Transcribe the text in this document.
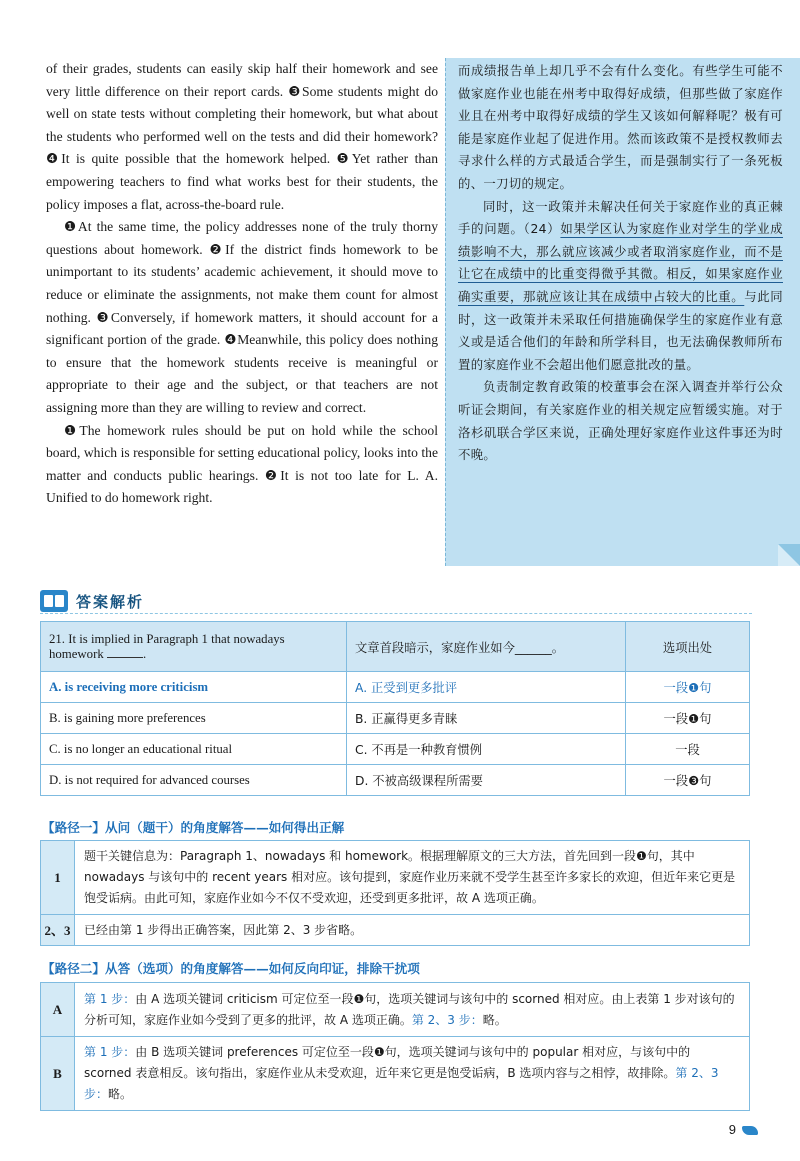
of their grades, students can easily skip half their homework and see very little difference on their report cards. ❸Some students might do well on state tests without completing their homework, but what about the students who performed well on the tests and did their homework? ❹It is quite possible that the homework helped. ❺Yet rather than empowering teachers to find what works best for their students, the policy imposes a flat, across-the-board rule.

❶At the same time, the policy addresses none of the truly thorny questions about homework. ❷If the district finds homework to be unimportant to its students’ academic achievement, it should move to reduce or eliminate the assignments, not make them count for almost nothing. ❸Conversely, if homework matters, it should account for a significant portion of the grade. ❹Meanwhile, this policy does nothing to ensure that the homework students receive is meaningful or appropriate to their age and the subject, or that teachers are not assigning more than they are willing to review and correct.

❶The homework rules should be put on hold while the school board, which is responsible for setting educational policy, looks into the matter and conducts public hearings. ❷It is not too late for L. A. Unified to do homework right.

而成绩报告单上却几乎不会有什么变化。有些学生可能不做家庭作业也能在州考中取得好成绩，但那些做了家庭作业且在州考中取得好成绩的学生又该如何解释呢？极有可能是家庭作业起了促进作用。然而该政策不是授权教师去寻求什么样的方式最适合学生，而是强制实行了一条死板的、一刀切的规定。

同时，这一政策并未解决任何关于家庭作业的真正棘手的问题。（24）如果学区认为家庭作业对学生的学业成绩影响不大，那么就应该减少或者取消家庭作业，而不是让它在成绩中的比重变得微乎其微。相反，如果家庭作业确实重要，那就应该让其在成绩中占较大的比重。与此同时，这一政策并未采取任何措施确保学生的家庭作业有意义或是适合他们的年龄和所学科目，也无法确保教师所布置的家庭作业不会超出他们愿意批改的量。

负责制定教育政策的校董事会在深入调查并举行公众听证会期间，有关家庭作业的相关规定应暂缓实施。对于洛杉矶联合学区来说，正确处理好家庭作业这件事还为时不晚。

答案解析
21. It is implied in Paragraph 1 that nowadays homework .	文章首段暗示，家庭作业如今______。	选项出处
A. is receiving more criticism	A. 正受到更多批评	一段❶句
B. is gaining more preferences	B. 正赢得更多青睐	一段❶句
C. is no longer an educational ritual	C. 不再是一种教育惯例	一段
D. is not required for advanced courses	D. 不被高级课程所需要	一段❸句
【路径一】从问（题干）的角度解答——如何得出正解
1	题干关键信息为：Paragraph 1、nowadays 和 homework。根据理解原文的三大方法，首先回到一段❶句，其中 nowadays 与该句中的 recent years 相对应。该句提到，家庭作业历来就不受学生甚至许多家长的欢迎，但近年来它更是饱受诟病。由此可知，家庭作业如今不仅不受欢迎，还受到更多批评，故 A 选项正确。
2、3	已经由第 1 步得出正确答案，因此第 2、3 步省略。
【路径二】从答（选项）的角度解答——如何反向印证，排除干扰项
A	第 1 步：由 A 选项关键词 criticism 可定位至一段❶句，选项关键词与该句中的 scorned 相对应。由上表第 1 步对该句的分析可知，家庭作业如今受到了更多的批评，故 A 选项正确。第 2、3 步：略。
B	第 1 步：由 B 选项关键词 preferences 可定位至一段❶句，选项关键词与该句中的 popular 相对应，与该句中的 scorned 表意相反。该句指出，家庭作业从未受欢迎，近年来它更是饱受诟病，B 选项内容与之相悖，故排除。第 2、3 步：略。
9
